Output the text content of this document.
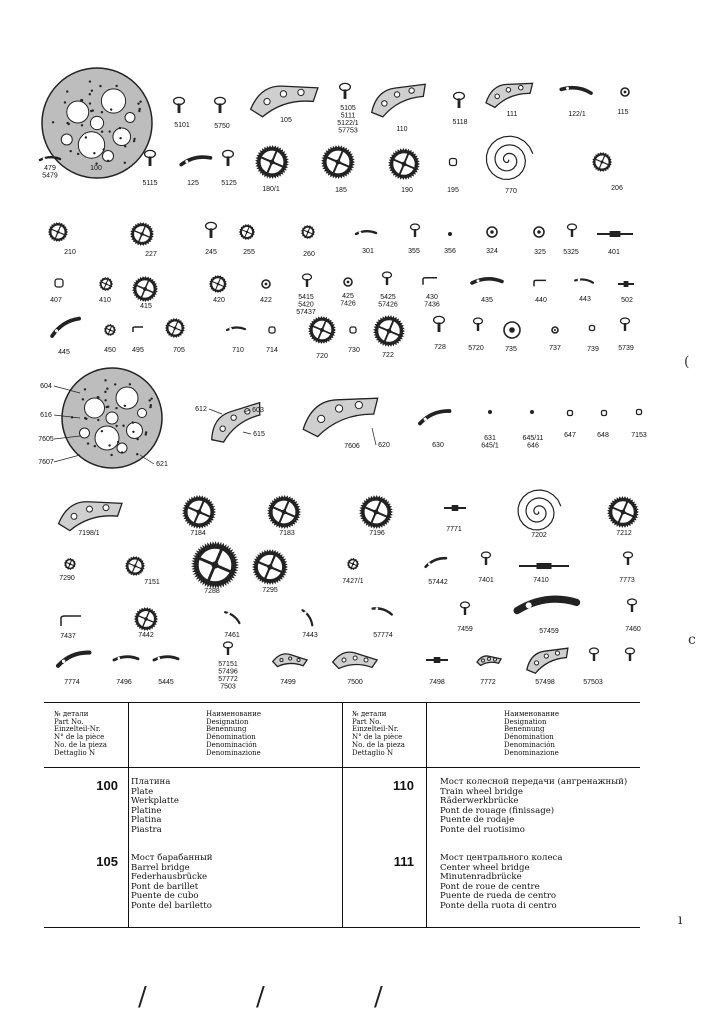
100
5101	5750
105
5105
5111
5122/1
57753	110
5118
111	122/1	115
479
5479
5115	125	5125
180/1	185	190	195	770	206
210	227	245	255	260	301	355	356	324	325 5325	401
407	410
415
420	422	5415
5420
57437
425
7426
5425
57426
430
7436
435	440	443	502
445	450 495	705	710	714
720
730
722
728	5720	735	737	739	5739
7606	630
631
645/1
645/11
646
647	648	7153
7198/1	7184	7183	7196
7771
7202	7212
7290
7151
7288	7295
7427/1	57442	7401	7410	7773
7437	7442	7461	7443	57774
7459	57459	7460
7774	7496	5445
57151
57496
57772
7503
7499	7500	7498	7772	57498	57503
604
616
7605
7607	621
612	603
615
620
№ детали
Part No.
Einzelteil-Nr.
N° de la pièce
No. de la pieza
Dettaglio N
Наименование
Designation
Benennung
Dénomination
Denominación
Denominazione
№ детали
Part No.
Einzelteil-Nr.
N° de la pièce
No. de la pieza
Dettaglio N
Наименование
Designation
Benennung
Dénomination
Denominación
Denominazione
100 Платина
Plate
Werkplatte
Platine
Platina
Piastra
105 Мост барабанный
Barrel bridge
Federhausbrücke
Pont de barillet
Puente de cubo
Ponte del bariletto
110	Мост колесной передачи (ангренажный)
Train wheel bridge
Räderwerkbrücke
Pont de rouage (finissage)
Puente de rodaje
Ponte del ruotisimo
111	Мост центрального колеса
Center wheel bridge
Minutenradbrücke
Pont de roue de centre
Puente de rueda de centro
Ponte della ruota di centro
/	/	/
(
c
ı
